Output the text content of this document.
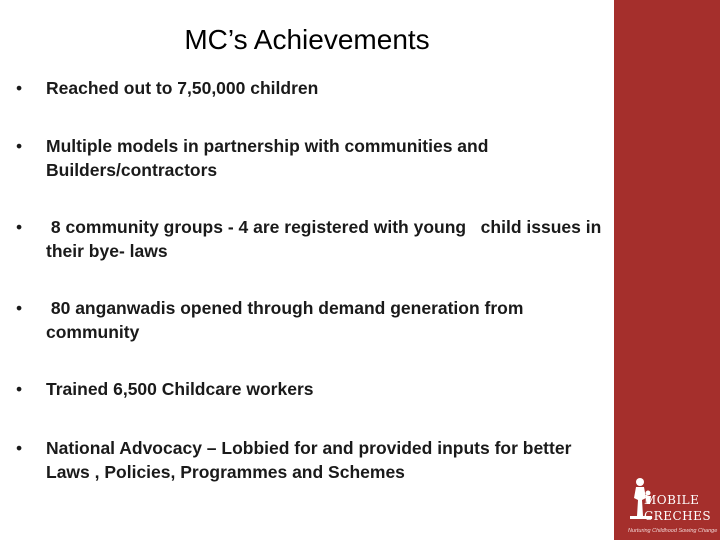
MC’s Achievements
•	Reached out to 7,50,000 children
•	Multiple models in partnership with communities and Builders/contractors
•	8 community groups - 4 are registered with young   child issues in their bye- laws
•	80 anganwadis opened through demand generation from community
•	Trained 6,500 Childcare workers
•	National Advocacy – Lobbied for and provided inputs for better Laws , Policies, Programmes and Schemes
MOBILE
CRECHES
Nurturing Childhood Sowing Change
